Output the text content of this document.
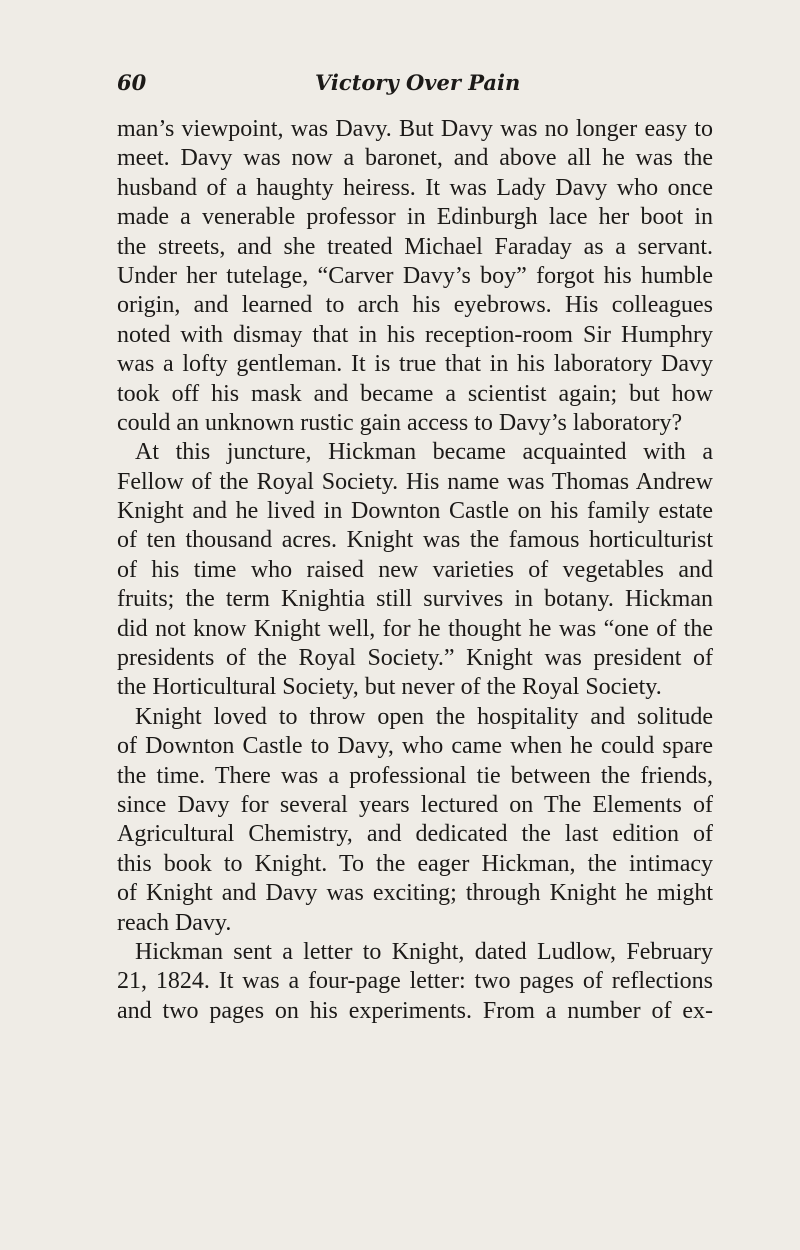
60	Victory Over Pain
man’s viewpoint, was Davy. But Davy was no longer easy to
meet. Davy was now a baronet, and above all he was the
husband of a haughty heiress. It was Lady Davy who once
made a venerable professor in Edinburgh lace her boot in
the streets, and she treated Michael Faraday as a servant.
Under her tutelage, “Carver Davy’s boy” forgot his humble
origin, and learned to arch his eyebrows. His colleagues
noted with dismay that in his reception-room Sir Humphry
was a lofty gentleman. It is true that in his laboratory Davy
took off his mask and became a scientist again; but how
could an unknown rustic gain access to Davy’s laboratory?
At this juncture, Hickman became acquainted with a
Fellow of the Royal Society. His name was Thomas Andrew
Knight and he lived in Downton Castle on his family estate
of ten thousand acres. Knight was the famous horticulturist
of his time who raised new varieties of vegetables and
fruits; the term Knightia still survives in botany. Hickman
did not know Knight well, for he thought he was “one of the
presidents of the Royal Society.” Knight was president of
the Horticultural Society, but never of the Royal Society.
Knight loved to throw open the hospitality and solitude
of Downton Castle to Davy, who came when he could spare
the time. There was a professional tie between the friends,
since Davy for several years lectured on The Elements of
Agricultural Chemistry, and dedicated the last edition of
this book to Knight. To the eager Hickman, the intimacy
of Knight and Davy was exciting; through Knight he might
reach Davy.
Hickman sent a letter to Knight, dated Ludlow, February
21, 1824. It was a four-page letter: two pages of reflections
and two pages on his experiments. From a number of ex-
